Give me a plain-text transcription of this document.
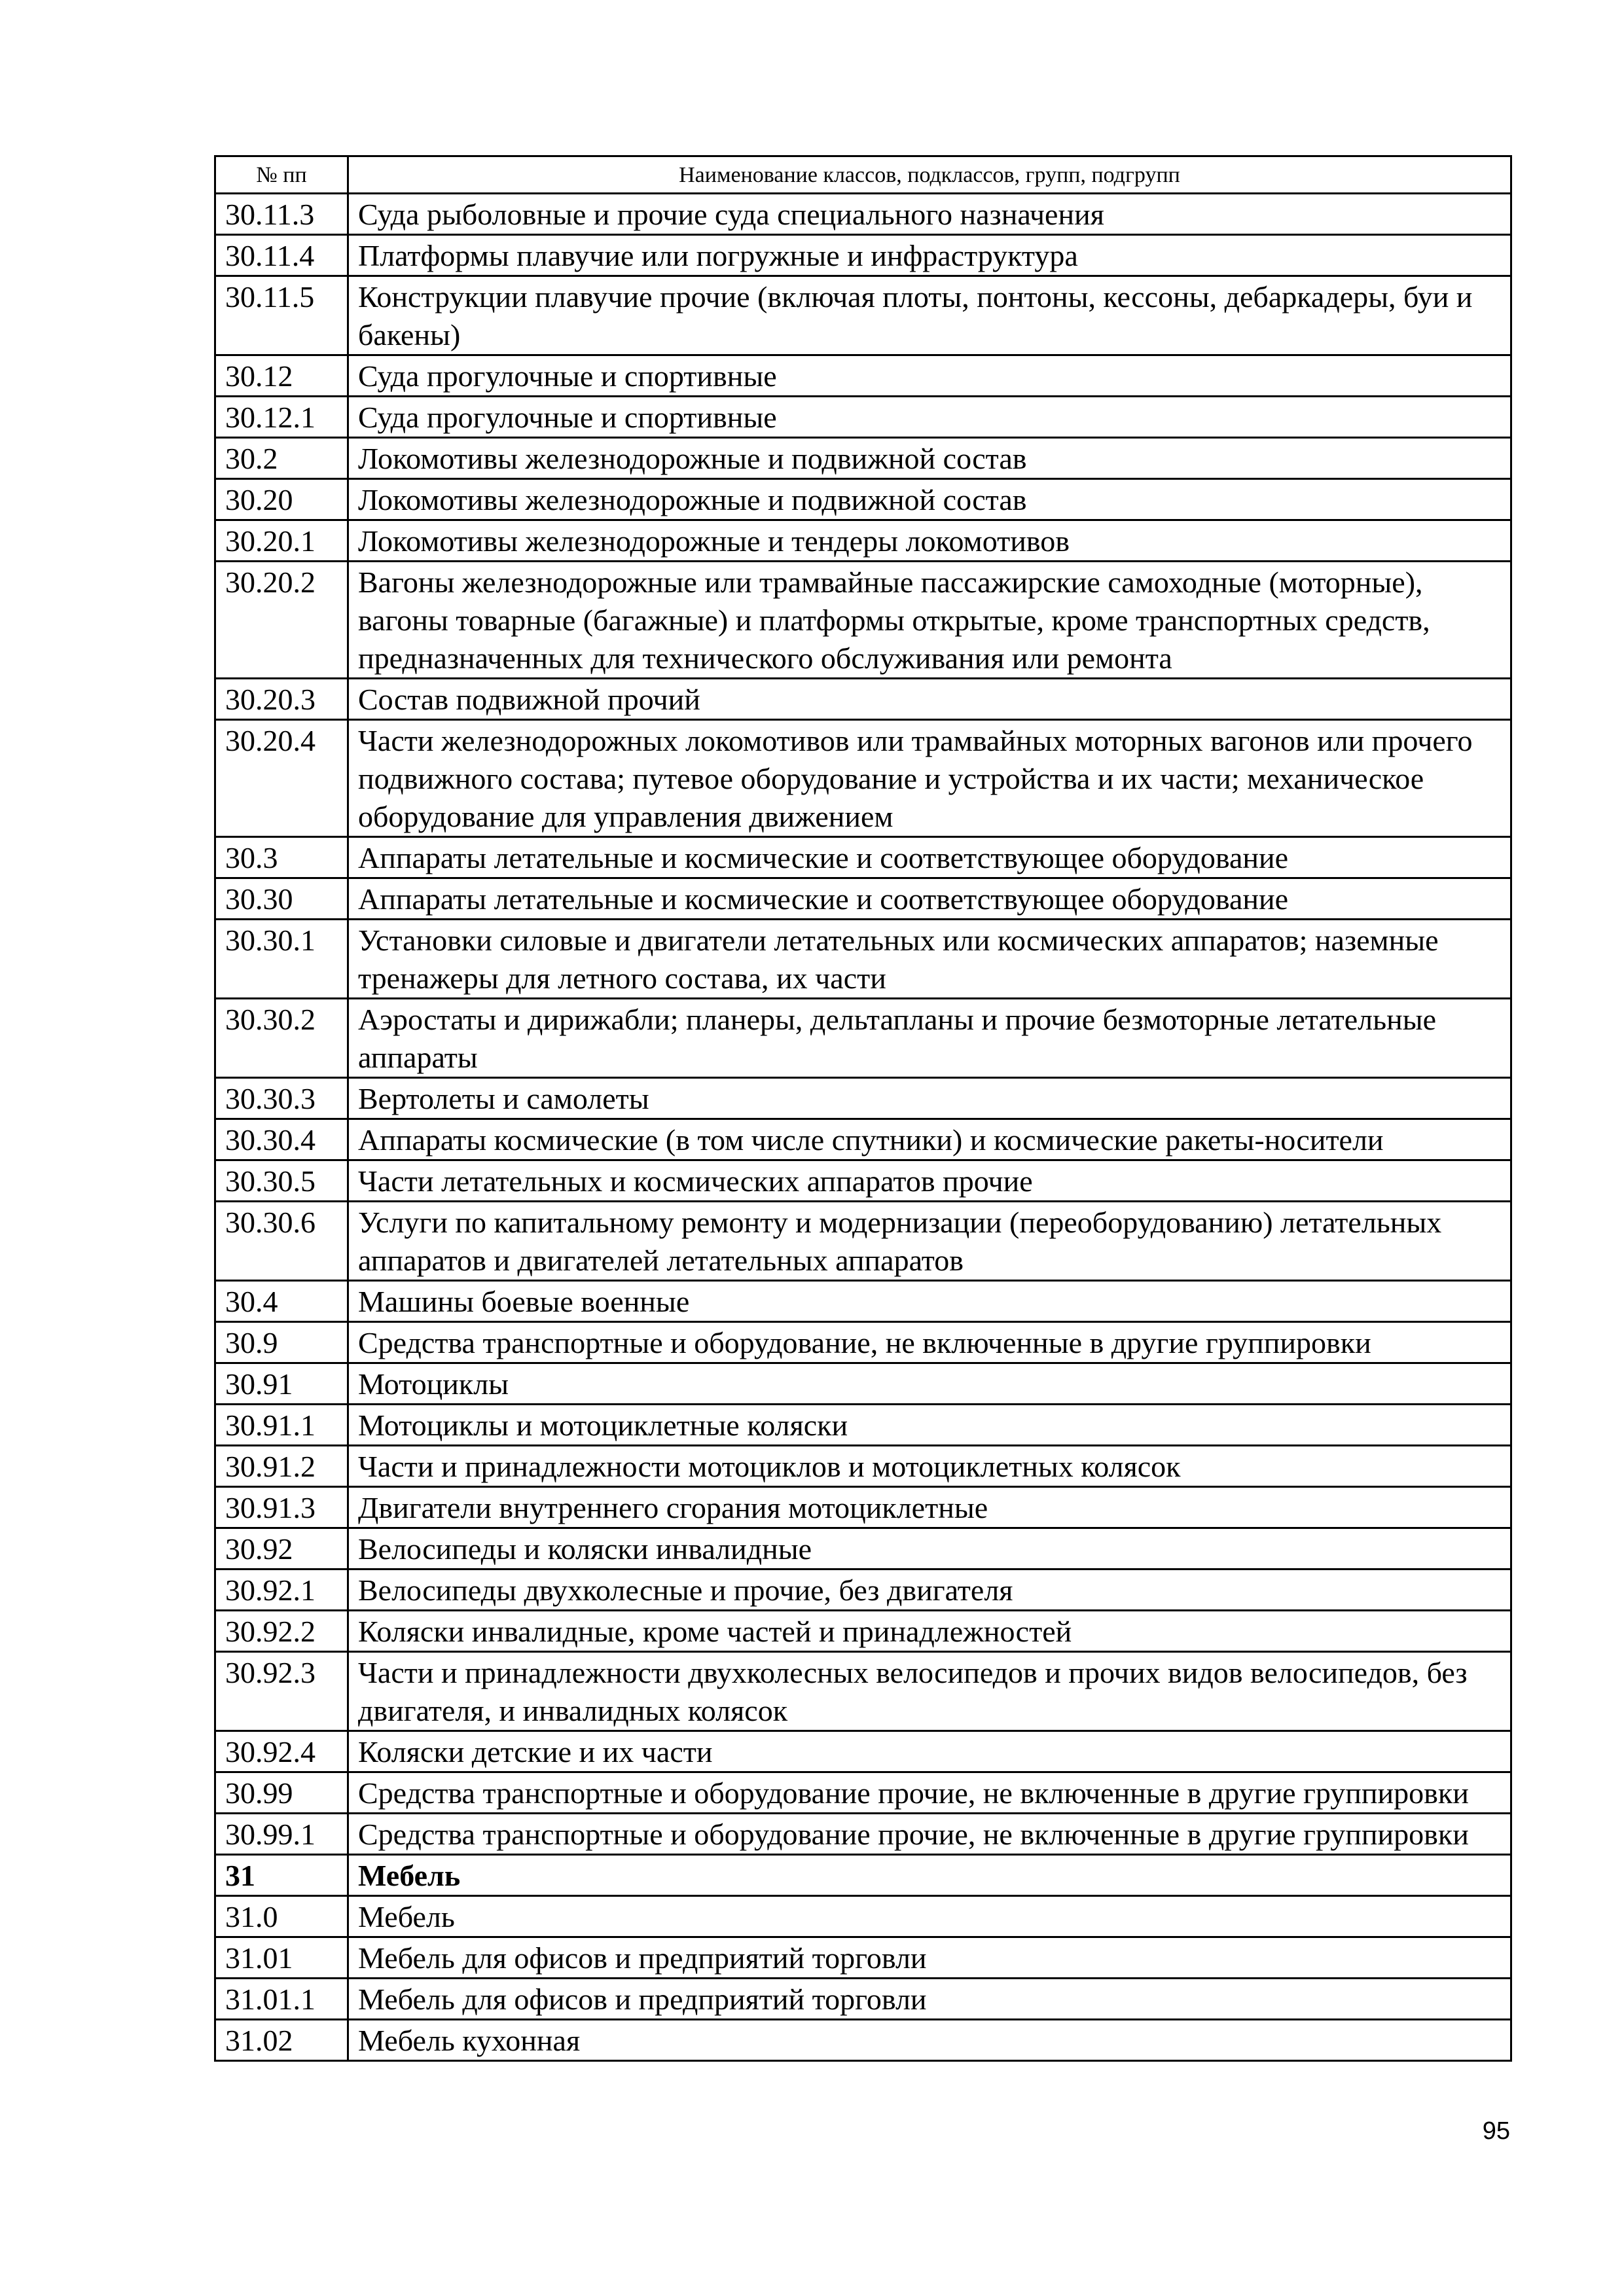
№ пп	Наименование классов, подклассов, групп, подгрупп
30.11.3	Суда рыболовные и прочие суда специального назначения
30.11.4	Платформы плавучие или погружные и инфраструктура
30.11.5	Конструкции плавучие прочие (включая плоты, понтоны, кессоны, дебаркадеры, буи и бакены)
30.12	Суда прогулочные и спортивные
30.12.1	Суда прогулочные и спортивные
30.2	Локомотивы железнодорожные и подвижной состав
30.20	Локомотивы железнодорожные и подвижной состав
30.20.1	Локомотивы железнодорожные и тендеры локомотивов
30.20.2	Вагоны железнодорожные или трамвайные пассажирские самоходные (моторные), вагоны товарные (багажные) и платформы открытые, кроме транспортных средств, предназначенных для технического обслуживания или ремонта
30.20.3	Состав подвижной прочий
30.20.4	Части железнодорожных локомотивов или трамвайных моторных вагонов или прочего подвижного состава; путевое оборудование и устройства и их части; механическое оборудование для управления движением
30.3	Аппараты летательные и космические и соответствующее оборудование
30.30	Аппараты летательные и космические и соответствующее оборудование
30.30.1	Установки силовые и двигатели летательных или космических аппаратов; наземные тренажеры для летного состава, их части
30.30.2	Аэростаты и дирижабли; планеры, дельтапланы и прочие безмоторные летательные аппараты
30.30.3	Вертолеты и самолеты
30.30.4	Аппараты космические (в том числе спутники) и космические ракеты-носители
30.30.5	Части летательных и космических аппаратов прочие
30.30.6	Услуги по капитальному ремонту и модернизации (переоборудованию) летательных аппаратов и двигателей летательных аппаратов
30.4	Машины боевые военные
30.9	Средства транспортные и оборудование, не включенные в другие группировки
30.91	Мотоциклы
30.91.1	Мотоциклы и мотоциклетные коляски
30.91.2	Части и принадлежности мотоциклов и мотоциклетных колясок
30.91.3	Двигатели внутреннего сгорания мотоциклетные
30.92	Велосипеды и коляски инвалидные
30.92.1	Велосипеды двухколесные и прочие, без двигателя
30.92.2	Коляски инвалидные, кроме частей и принадлежностей
30.92.3	Части и принадлежности двухколесных велосипедов и прочих видов велосипедов, без двигателя, и инвалидных колясок
30.92.4	Коляски детские и их части
30.99	Средства транспортные и оборудование прочие, не включенные в другие группировки
30.99.1	Средства транспортные и оборудование прочие, не включенные в другие группировки
31	Мебель
31.0	Мебель
31.01	Мебель для офисов и предприятий торговли
31.01.1	Мебель для офисов и предприятий торговли
31.02	Мебель кухонная
95
